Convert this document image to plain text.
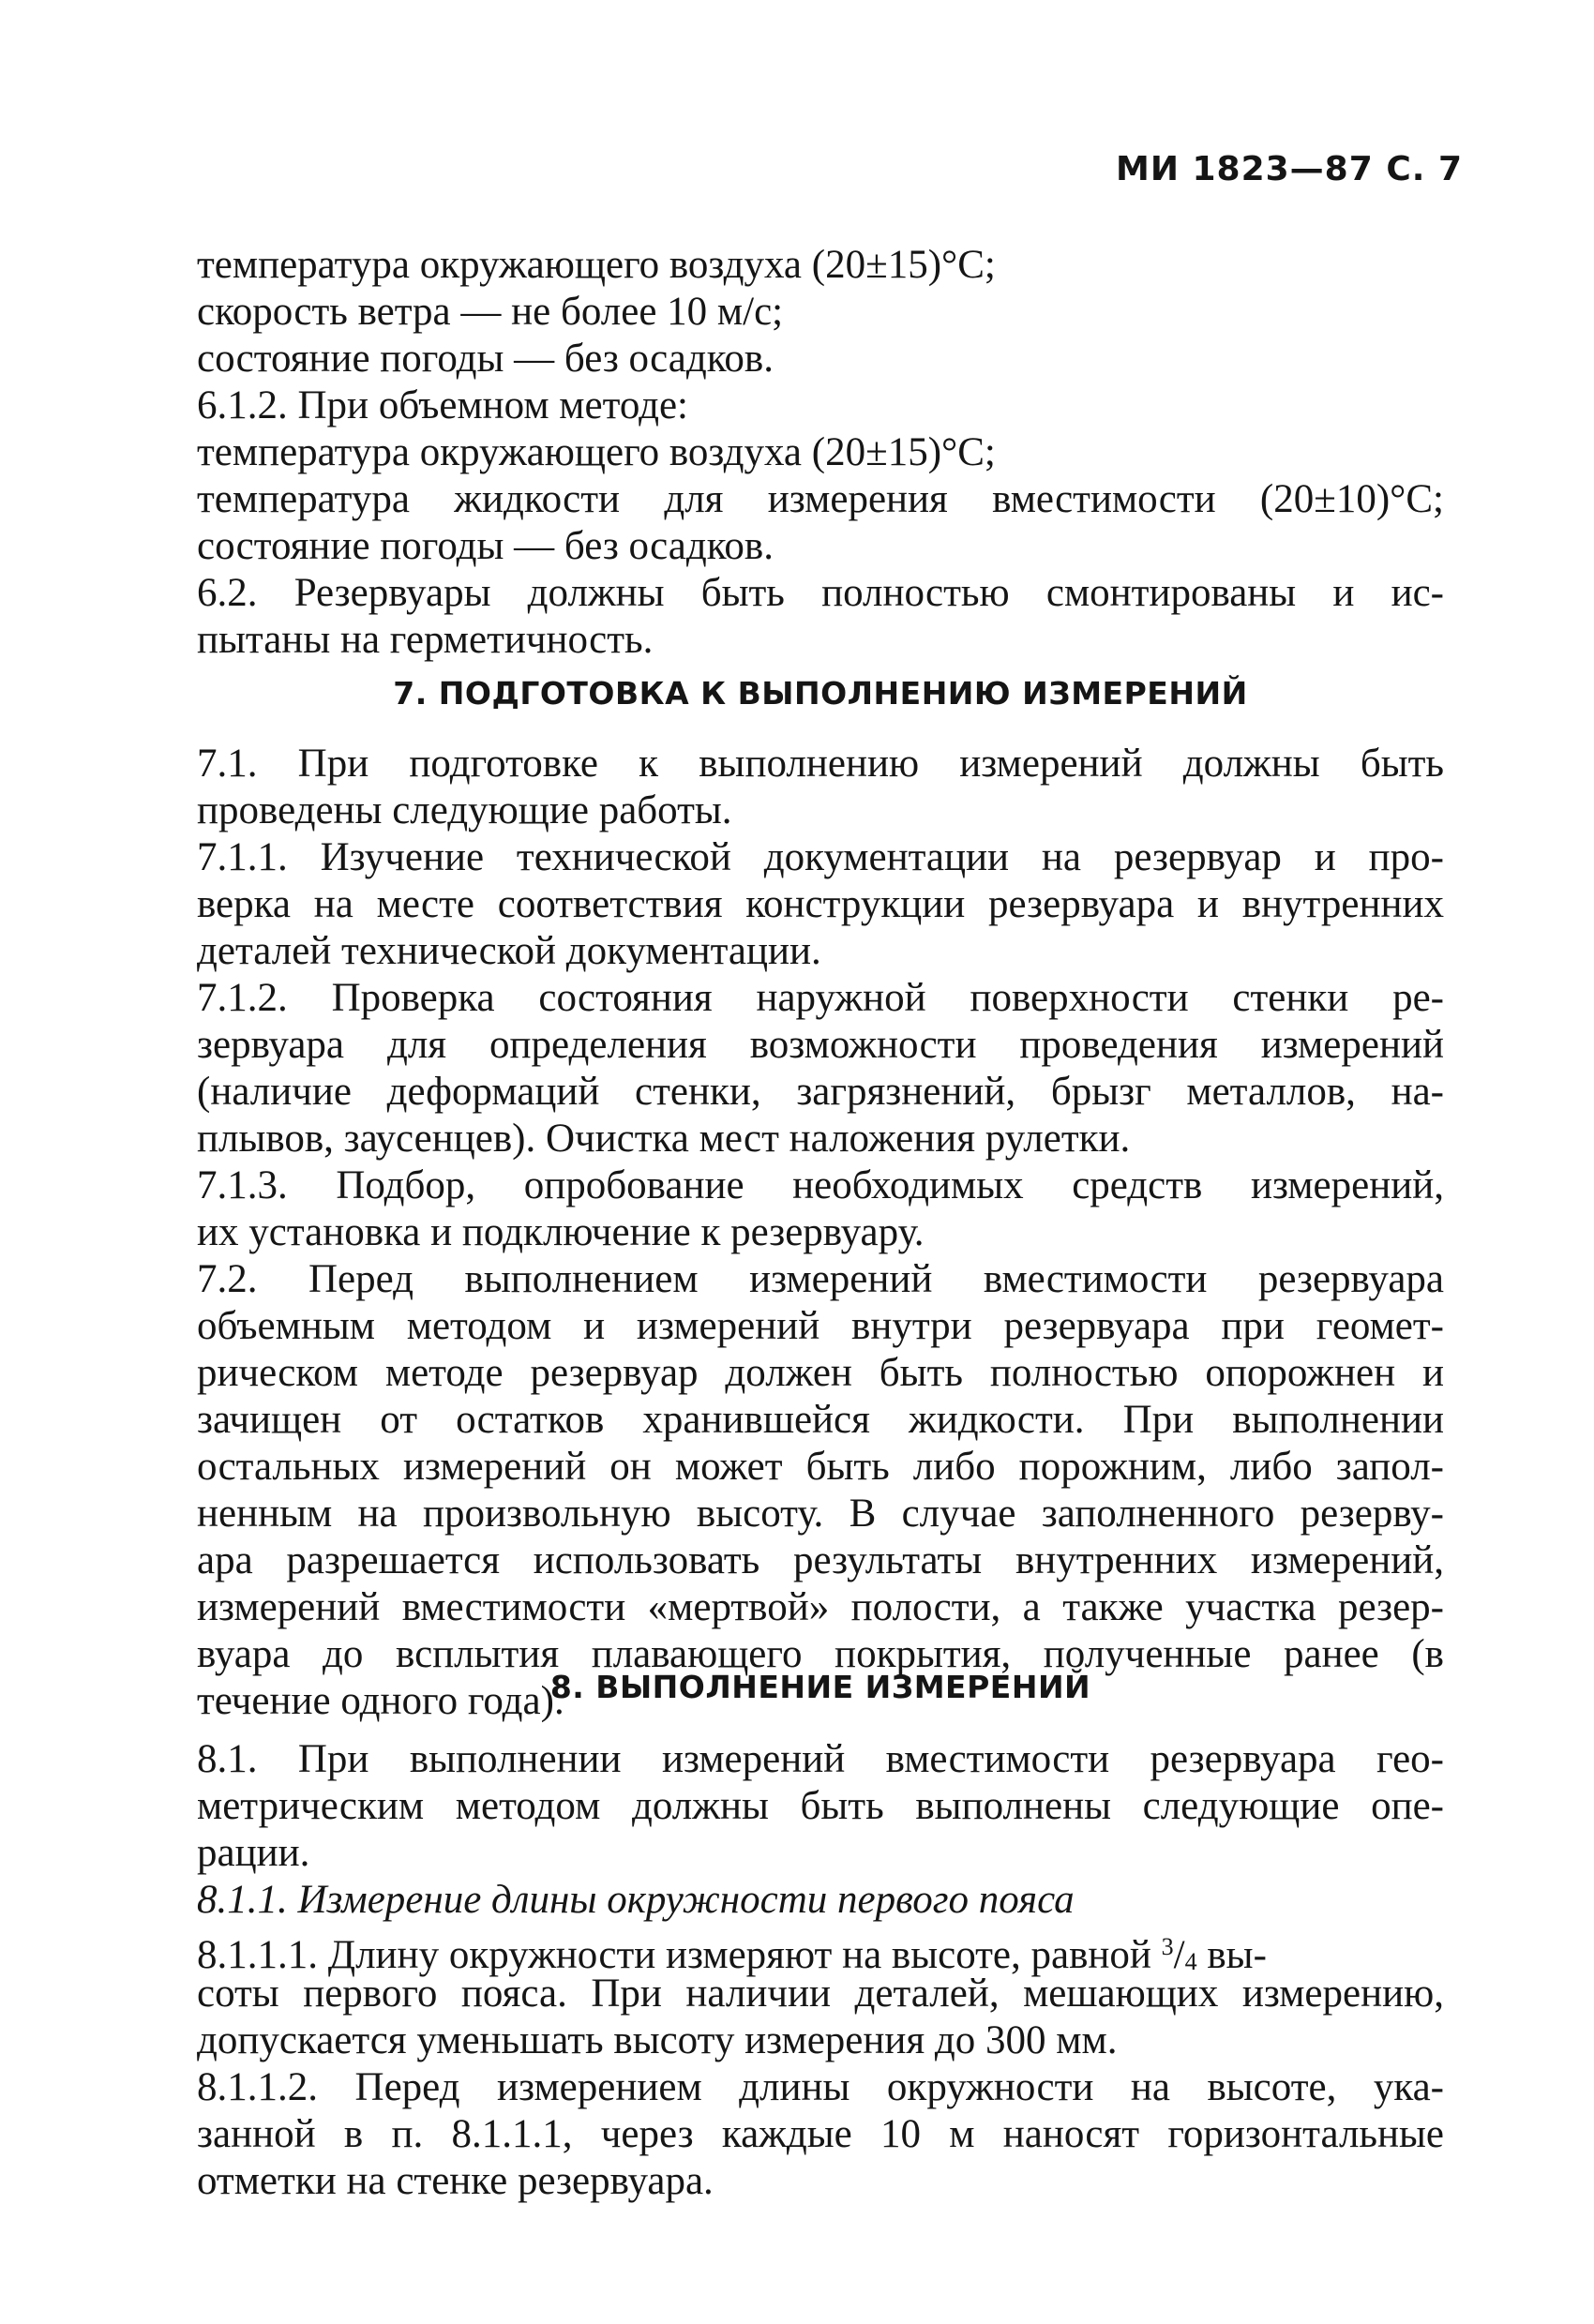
МИ 1823—87 С. 7
температура окружающего воздуха (20±15)°С;
скорость ветра — не более 10 м/с;
состояние погоды — без осадков.
6.1.2. При объемном методе:
температура окружающего воздуха (20±15)°С;
температура жидкости для измерения вместимости (20±10)°С;
состояние погоды — без осадков.
6.2. Резервуары должны быть полностью смонтированы и ис-
пытаны на герметичность.
7. ПОДГОТОВКА К ВЫПОЛНЕНИЮ ИЗМЕРЕНИЙ
7.1. При подготовке к выполнению измерений должны быть
проведены следующие работы.
7.1.1. Изучение технической документации на резервуар и про-
верка на месте соответствия конструкции резервуара и внутренних
деталей технической документации.
7.1.2. Проверка состояния наружной поверхности стенки ре-
зервуара для определения возможности проведения измерений
(наличие деформаций стенки, загрязнений, брызг металлов, на-
плывов, заусенцев). Очистка мест наложения рулетки.
7.1.3. Подбор, опробование необходимых средств измерений,
их установка и подключение к резервуару.
7.2. Перед выполнением измерений вместимости резервуара
объемным методом и измерений внутри резервуара при геомет-
рическом методе резервуар должен быть полностью опорожнен и
зачищен от остатков хранившейся жидкости. При выполнении
остальных измерений он может быть либо порожним, либо запол-
ненным на произвольную высоту. В случае заполненного резерву-
ара разрешается использовать результаты внутренних измерений,
измерений вместимости «мертвой» полости, а также участка резер-
вуара до всплытия плавающего покрытия, полученные ранее (в
течение одного года).
8. ВЫПОЛНЕНИЕ ИЗМЕРЕНИЙ
8.1. При выполнении измерений вместимости резервуара гео-
метрическим методом должны быть выполнены следующие опе-
рации.
8.1.1. Измерение длины окружности первого пояса
8.1.1.1. Длину окружности измеряют на высоте, равной $^3/_4$ вы-
соты первого пояса. При наличии деталей, мешающих измерению,
допускается уменьшать высоту измерения до 300 мм.
8.1.1.2. Перед измерением длины окружности на высоте, ука-
занной в п. 8.1.1.1, через каждые 10 м наносят горизонтальные
отметки на стенке резервуара.
